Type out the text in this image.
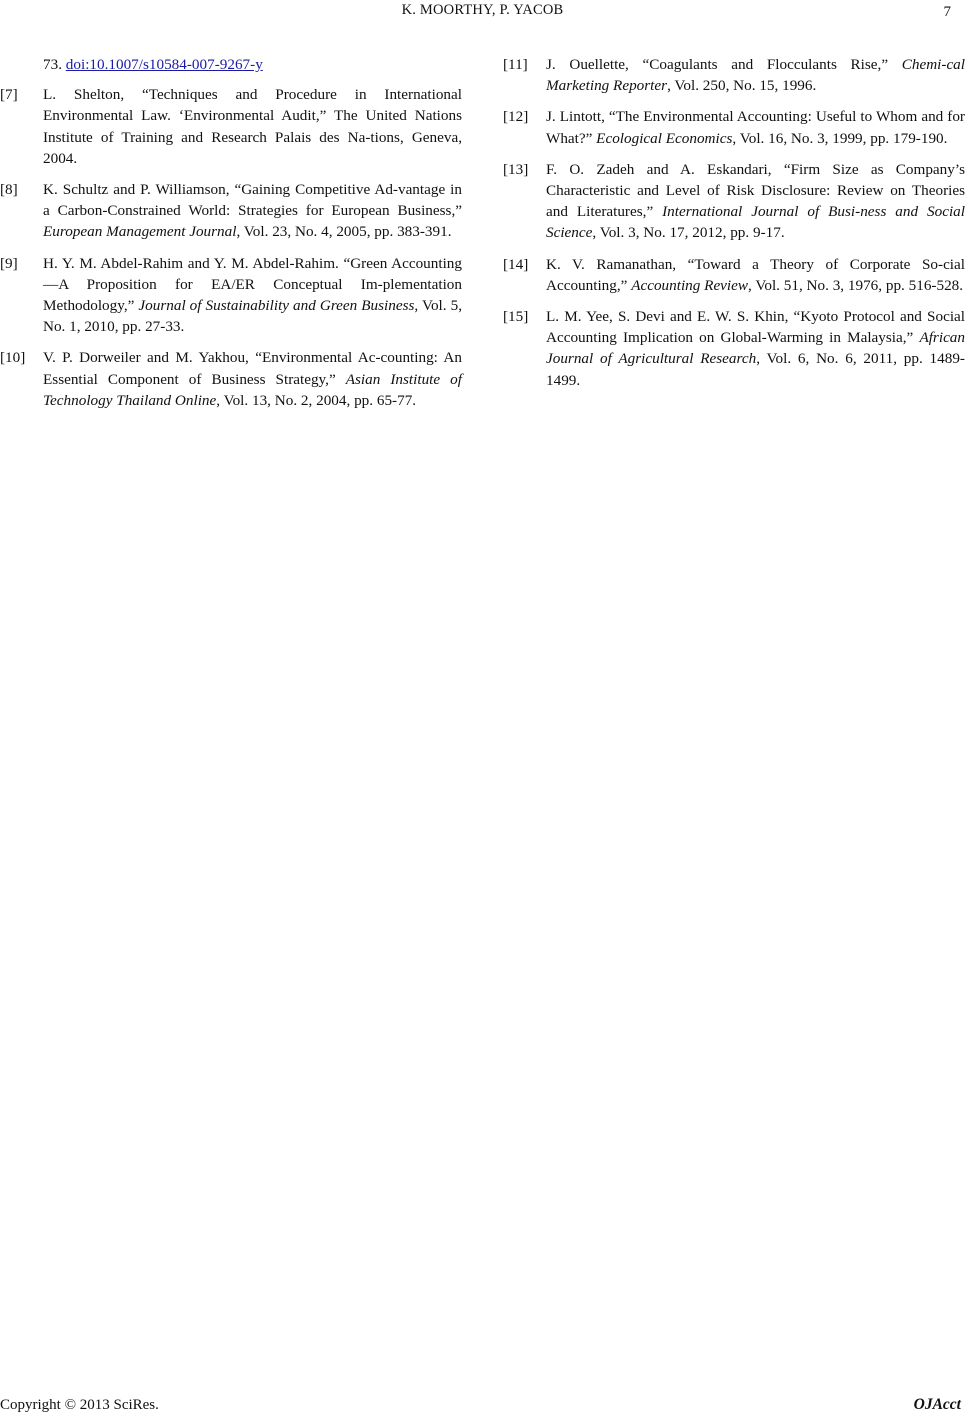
K. MOORTHY, P. YACOB	7

73. doi:10.1007/s10584-007-9267-y

[7] L. Shelton, “Techniques and Procedure in International Environmental Law. ‘Environmental Audit,” The United Nations Institute of Training and Research Palais des Na-tions, Geneva, 2004.

[8] K. Schultz and P. Williamson, “Gaining Competitive Ad-vantage in a Carbon-Constrained World: Strategies for European Business,” European Management Journal, Vol. 23, No. 4, 2005, pp. 383-391.

[9] H. Y. M. Abdel-Rahim and Y. M. Abdel-Rahim. “Green Accounting—A Proposition for EA/ER Conceptual Im-plementation Methodology,” Journal of Sustainability and Green Business, Vol. 5, No. 1, 2010, pp. 27-33.

[10] V. P. Dorweiler and M. Yakhou, “Environmental Ac-counting: An Essential Component of Business Strategy,” Asian Institute of Technology Thailand Online, Vol. 13, No. 2, 2004, pp. 65-77.

[11] J. Ouellette, “Coagulants and Flocculants Rise,” Chemi-cal Marketing Reporter, Vol. 250, No. 15, 1996.

[12] J. Lintott, “The Environmental Accounting: Useful to Whom and for What?” Ecological Economics, Vol. 16, No. 3, 1999, pp. 179-190.

[13] F. O. Zadeh and A. Eskandari, “Firm Size as Company’s Characteristic and Level of Risk Disclosure: Review on Theories and Literatures,” International Journal of Busi-ness and Social Science, Vol. 3, No. 17, 2012, pp. 9-17.

[14] K. V. Ramanathan, “Toward a Theory of Corporate So-cial Accounting,” Accounting Review, Vol. 51, No. 3, 1976, pp. 516-528.

[15] L. M. Yee, S. Devi and E. W. S. Khin, “Kyoto Protocol and Social Accounting Implication on Global-Warming in Malaysia,” African Journal of Agricultural Research, Vol. 6, No. 6, 2011, pp. 1489-1499.

Copyright © 2013 SciRes.	OJAcct
